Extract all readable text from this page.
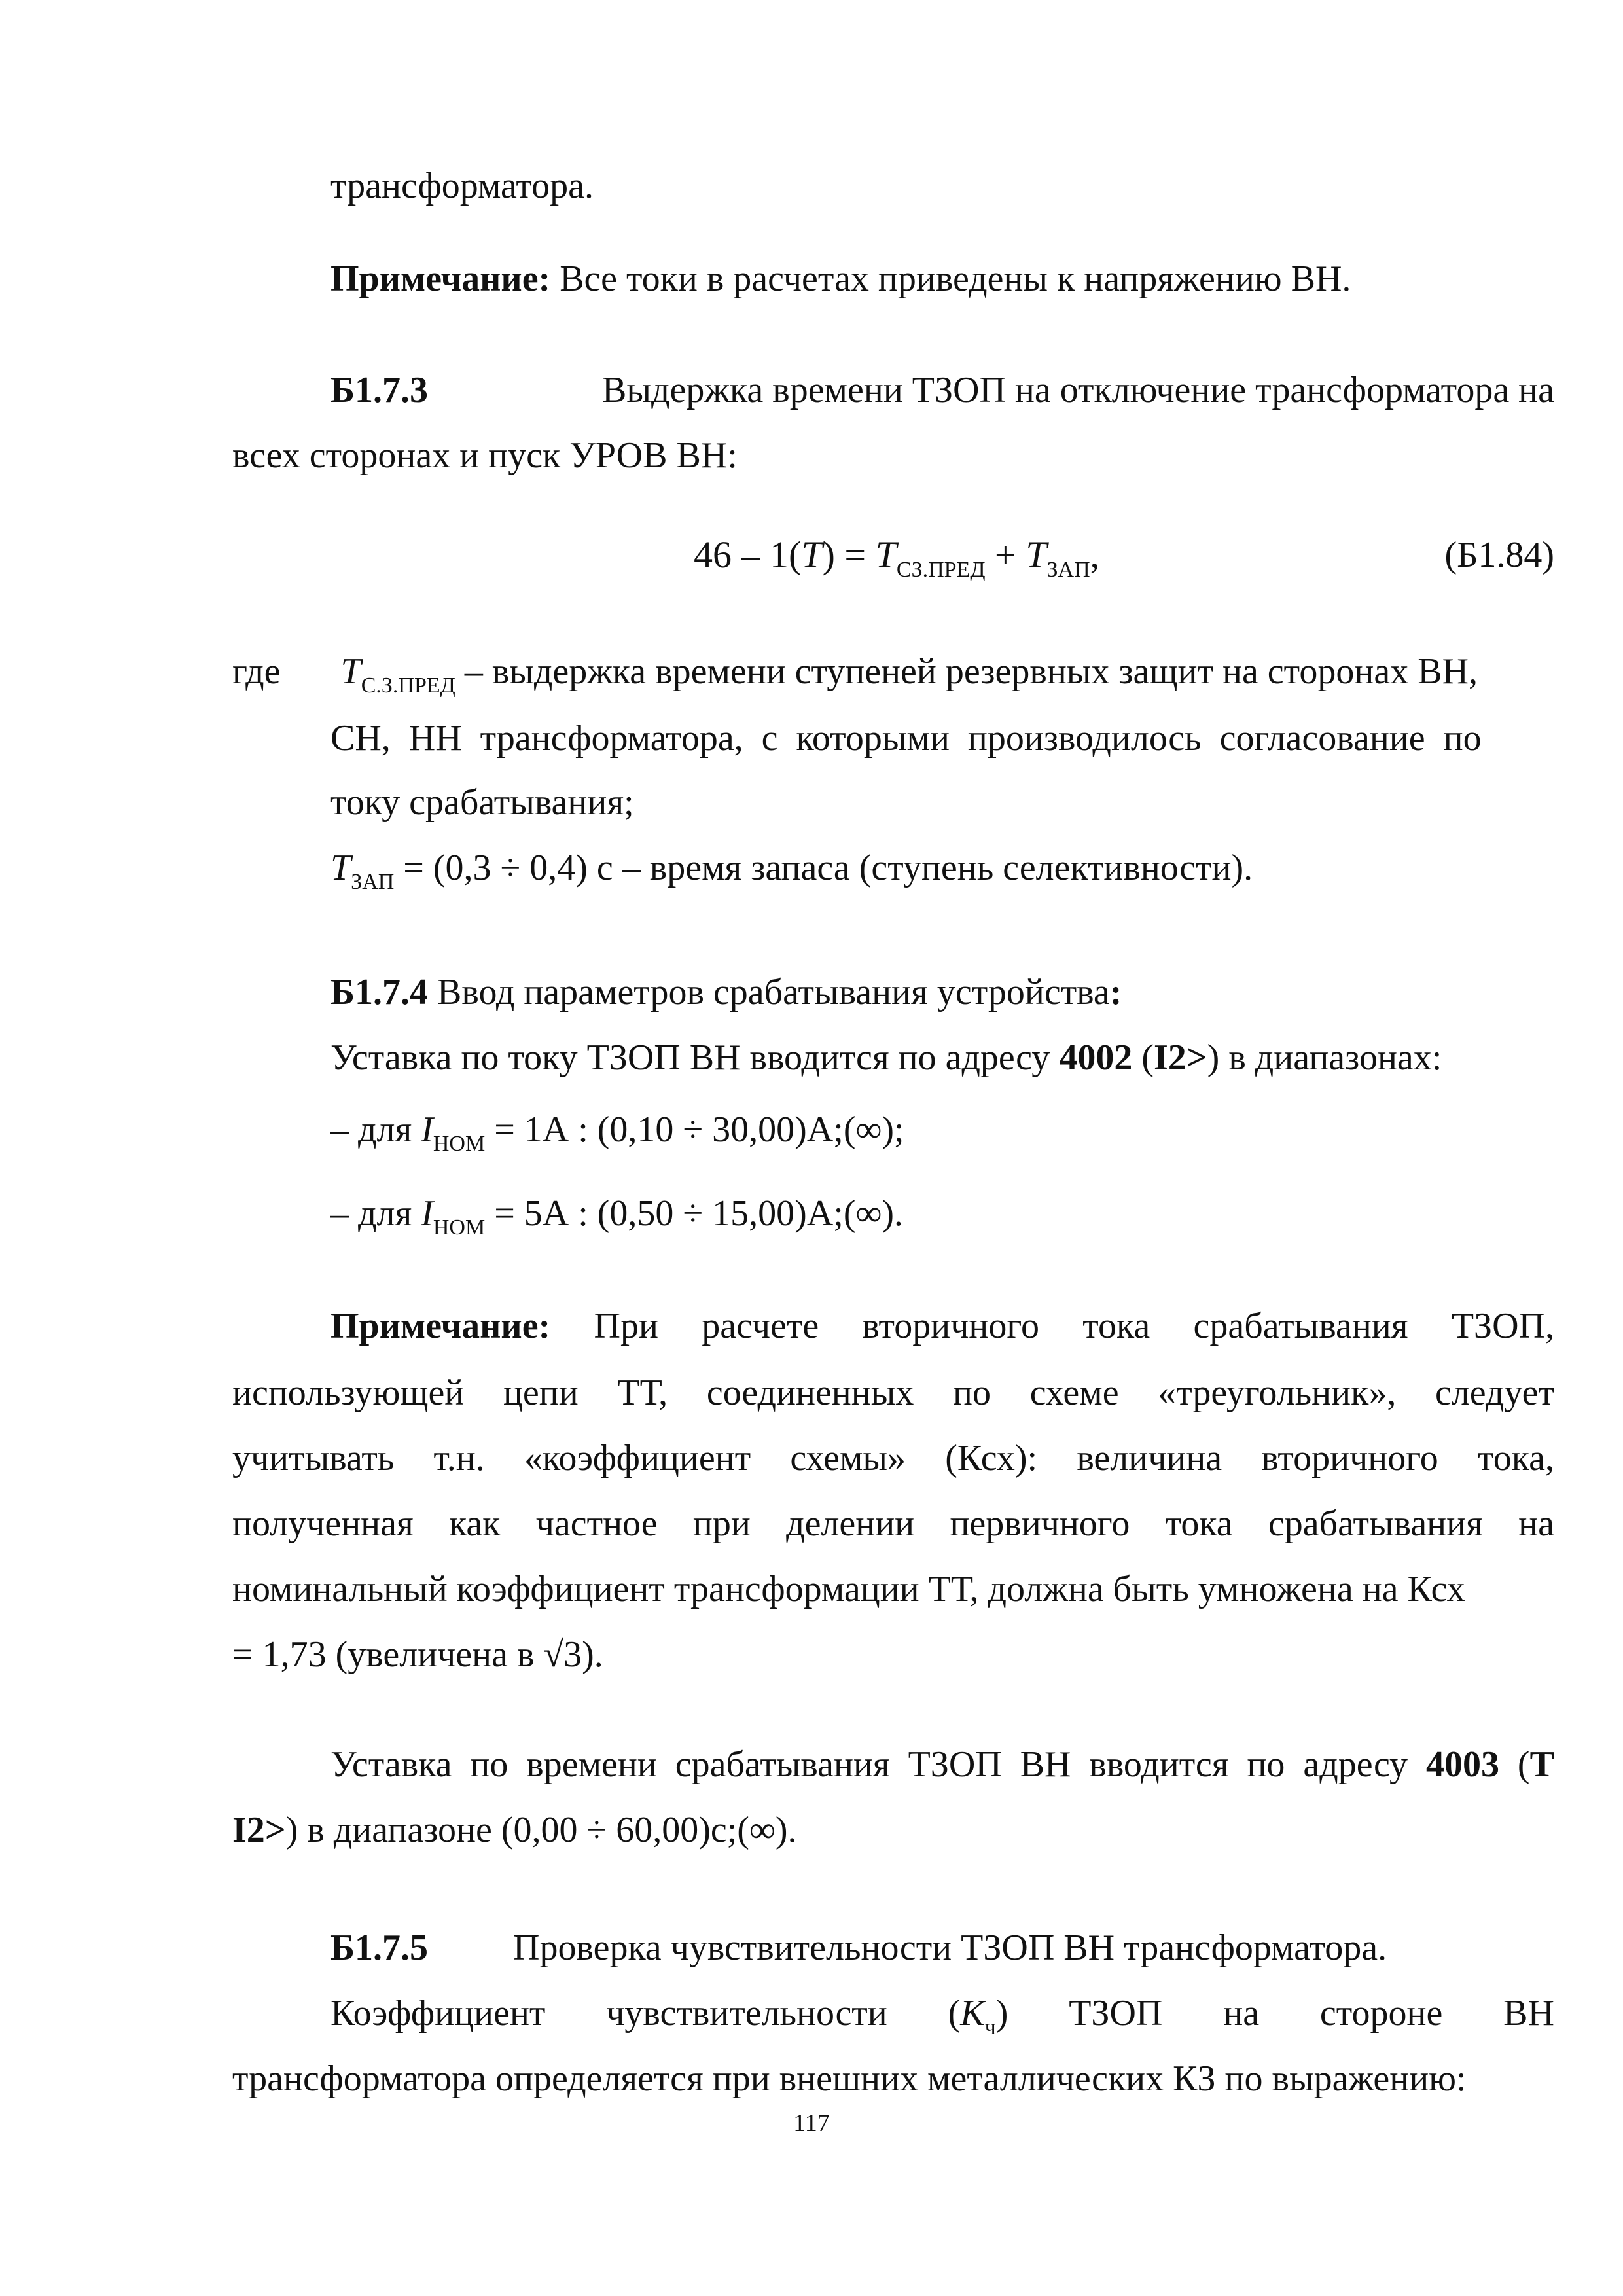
трансформатора.
Примечание: Все токи в расчетах приведены к напряжению ВН.
Б1.7.3	Выдержка времени ТЗОП на отключение трансформатора на
всех сторонах и пуск УРОВ ВН:
$46 - 1(T) = T_{СЗ.ПРЕД} + T_{ЗАП}$,	(Б1.84)
где $T_{С.З.ПРЕД}$ – выдержка времени ступеней резервных защит на сторонах ВН,
СН, НН трансформатора, с которыми производилось согласование по
току срабатывания;
$T_{ЗАП} = (0,3 \div 0,4)$ с – время запаса (ступень селективности).
Б1.7.4 Ввод параметров срабатывания устройства:
Уставка по току ТЗОП ВН вводится по адресу 4002 (I2>) в диапазонах:
– для $I_{НОМ} = 1А$ : (0,10 ÷ 30,00)А;(∞);
– для $I_{НОМ} = 5А$ : (0,50 ÷ 15,00)А;(∞).
Примечание: При расчете вторичного тока срабатывания ТЗОП,
использующей цепи ТТ, соединенных по схеме «треугольник», следует
учитывать т.н. «коэффициент схемы» (Ксх): величина вторичного тока,
полученная как частное при делении первичного тока срабатывания на
номинальный коэффициент трансформации ТТ, должна быть умножена на Ксх
= 1,73 (увеличена в √3).
Уставка по времени срабатывания ТЗОП ВН вводится по адресу 4003 (T
I2>) в диапазоне (0,00 ÷ 60,00)с;(∞).
Б1.7.5 Проверка чувствительности ТЗОП ВН трансформатора.
Коэффициент чувствительности $(K_ч)$ ТЗОП на стороне ВН
трансформатора определяется при внешних металлических КЗ по выражению:
117
